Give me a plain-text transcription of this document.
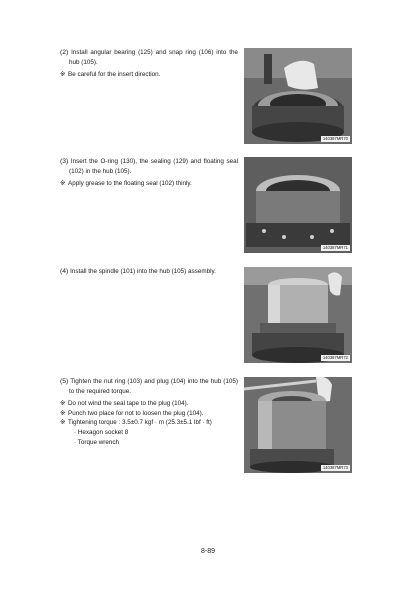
(2) Install angular bearing (125) and snap ring (106) into the hub (105).

※ Be careful for the insert direction.

140387MR70

(3) Insert the O-ring (130), the sealing (129) and floating seal (102) in the hub (105).

※ Apply grease to the floating seal (102) thinly.

140387MR71

(4) Install the spindle (101) into the hub (105) assembly.

140387MR72

(5) Tighten the nut ring (103) and plug (104) into the hub (105) to the required torque.

※ Do not wind the seal tape to the plug (104).

※ Punch two place for not to loosen the plug (104).

※ Tightening torque : 3.5±0.7 kgf · m (25.3±5.1 lbf · ft)

· Hexagon socket 8

· Torque wrench

140387MR73
8-89
